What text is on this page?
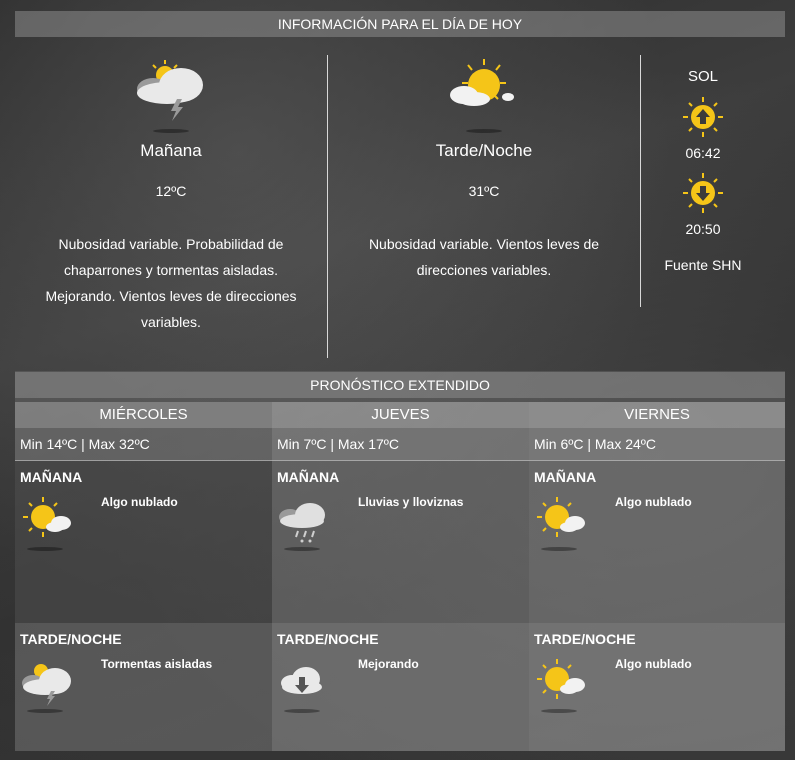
INFORMACIÓN PARA EL DÍA DE HOY
Mañana
12ºC
Nubosidad variable. Probabilidad de
chaparrones y tormentas aisladas.
Mejorando. Vientos leves de direcciones
variables.
Tarde/Noche
31ºC
Nubosidad variable. Vientos leves de
direcciones variables.
SOL
06:42
20:50
Fuente SHN
PRONÓSTICO EXTENDIDO
MIÉRCOLES
Min 14ºC | Max 32ºC
MAÑANA
Algo nublado
TARDE/NOCHE
Tormentas aisladas
JUEVES
Min 7ºC | Max 17ºC
MAÑANA
Lluvias y lloviznas
TARDE/NOCHE
Mejorando
VIERNES
Min 6ºC | Max 24ºC
MAÑANA
Algo nublado
TARDE/NOCHE
Algo nublado
